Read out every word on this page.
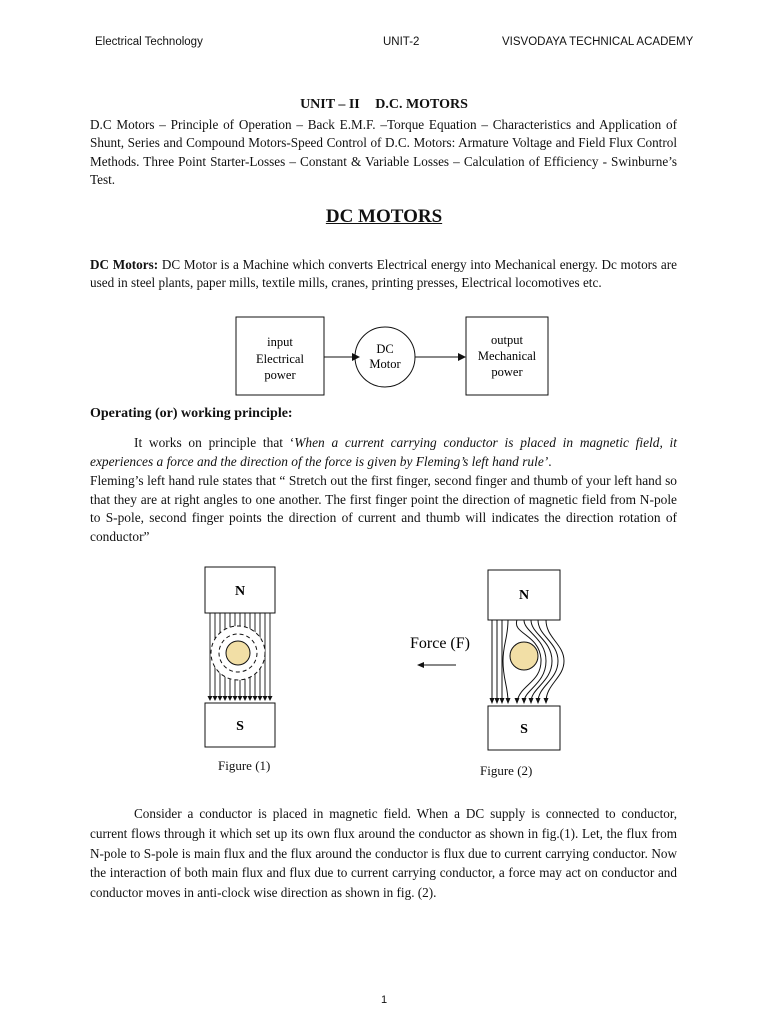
Electrical Technology	UNIT-2	VISVODAYA TECHNICAL ACADEMY
UNIT – II D.C. MOTORS
D.C Motors – Principle of Operation – Back E.M.F. –Torque Equation – Characteristics and Application of Shunt, Series and Compound Motors-Speed Control of D.C. Motors: Armature Voltage and Field Flux Control Methods. Three Point Starter-Losses – Constant & Variable Losses – Calculation of Efficiency - Swinburne’s Test.
DC MOTORS
DC Motors: DC Motor is a Machine which converts Electrical energy into Mechanical energy. Dc motors are used in steel plants, paper mills, textile mills, cranes, printing presses, Electrical locomotives etc.
input
Electrical
power
DC
Motor
output
Mechanical
power
Operating (or) working principle:
It works on principle that ‘When a current carrying conductor is placed in magnetic field, it experiences a force and the direction of the force is given by Fleming’s left hand rule’.
Fleming’s left hand rule states that “ Stretch out the first finger, second finger and thumb of your left hand so that they are at right angles to one another. The first finger point the direction of magnetic field from N-pole to S-pole, second finger points the direction of current and thumb will indicates the direction rotation of conductor”
N
S
Figure (1)
N
Force (F)
S
Figure (2)
Consider a conductor is placed in magnetic field. When a DC supply is connected to conductor, current flows through it which set up its own flux around the conductor as shown in fig.(1). Let, the flux from N-pole to S-pole is main flux and the flux around the conductor is flux due to current carrying conductor. Now the interaction of both main flux and flux due to current carrying conductor, a force may act on conductor and conductor moves in anti-clock wise direction as shown in fig. (2).
1
